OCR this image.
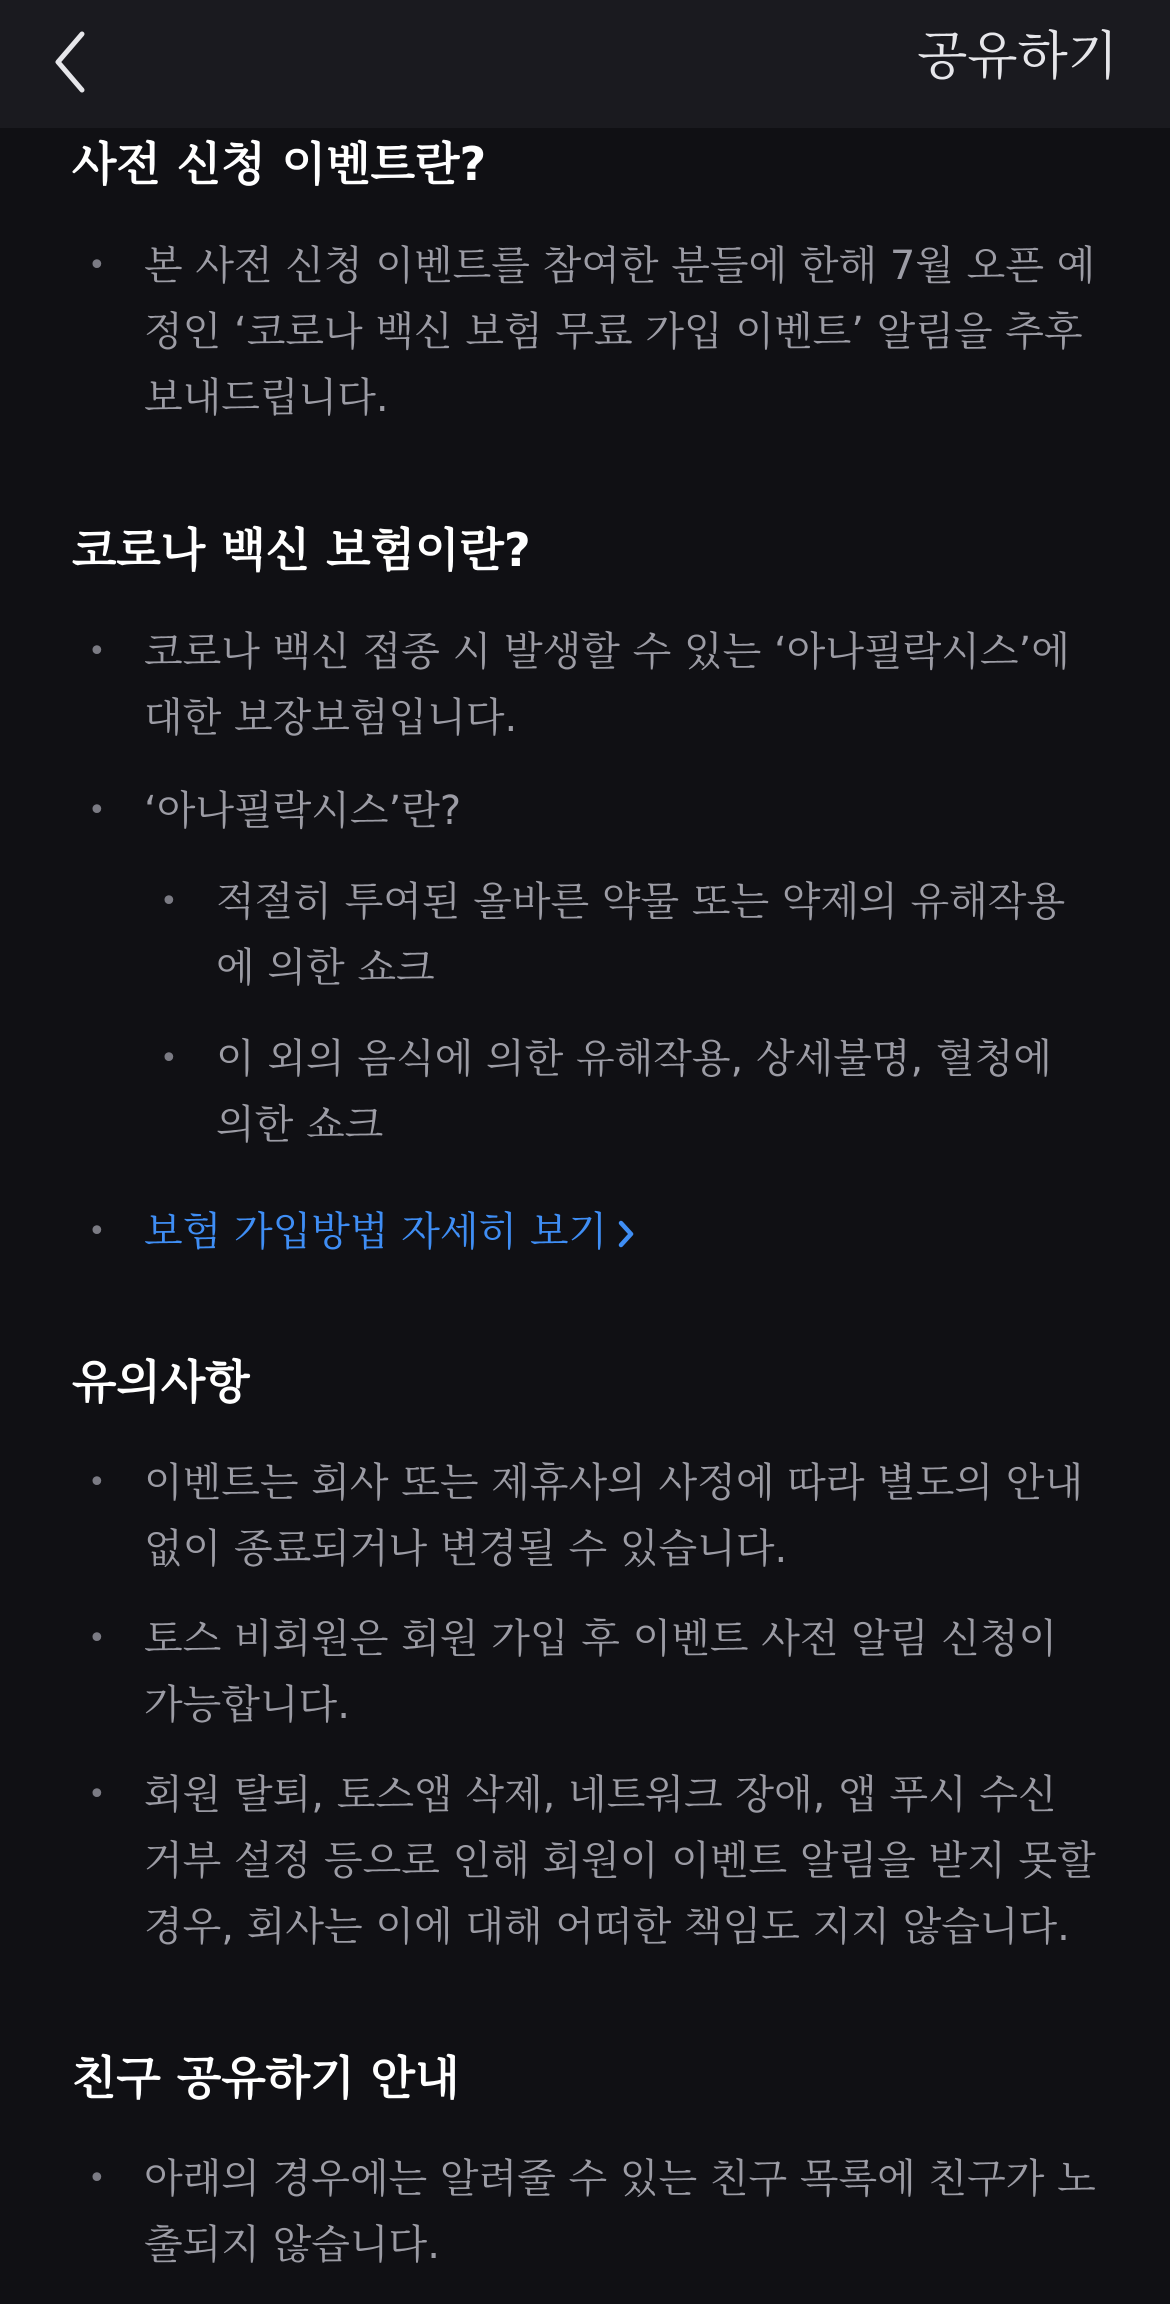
공유하기
사전 신청 이벤트란?
• 본 사전 신청 이벤트를 참여한 분들에 한해 7월 오픈 예정인 ‘코로나 백신 보험 무료 가입 이벤트’ 알림을 추후 보내드립니다.
코로나 백신 보험이란?
• 코로나 백신 접종 시 발생할 수 있는 ‘아나필락시스’에 대한 보장보험입니다.
• ‘아나필락시스’란?
• 적절히 투여된 올바른 약물 또는 약제의 유해작용에 의한 쇼크
• 이 외의 음식에 의한 유해작용, 상세불명, 혈청에 의한 쇼크
• 보험 가입방법 자세히 보기
유의사항
• 이벤트는 회사 또는 제휴사의 사정에 따라 별도의 안내 없이 종료되거나 변경될 수 있습니다.
• 토스 비회원은 회원 가입 후 이벤트 사전 알림 신청이 가능합니다.
• 회원 탈퇴, 토스앱 삭제, 네트워크 장애, 앱 푸시 수신 거부 설정 등으로 인해 회원이 이벤트 알림을 받지 못할 경우, 회사는 이에 대해 어떠한 책임도 지지 않습니다.
친구 공유하기 안내
• 아래의 경우에는 알려줄 수 있는 친구 목록에 친구가 노출되지 않습니다.
